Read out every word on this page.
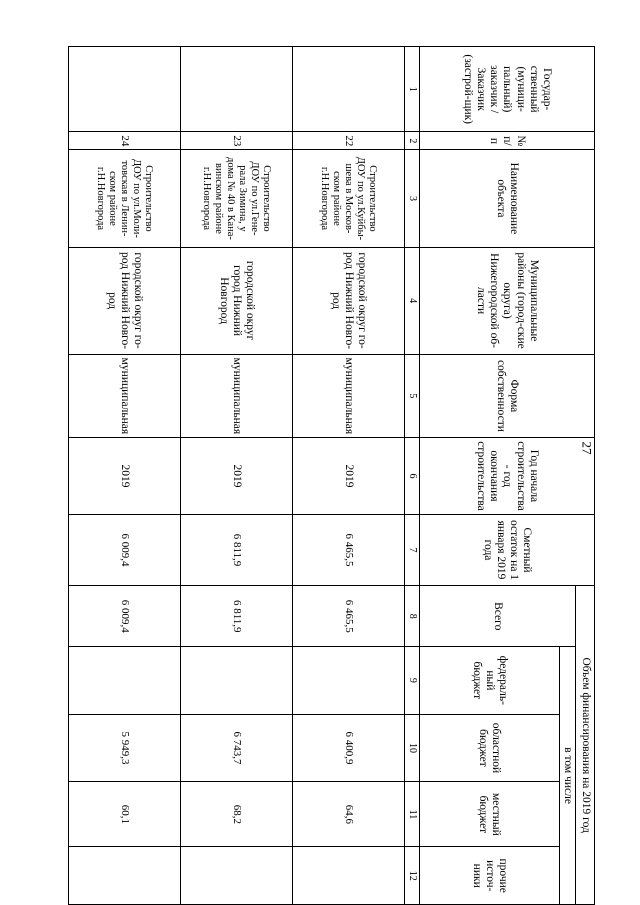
27
Государ-ственный (муници-пальный) заказчик / Заказчик (застрой-щик)	№ п/п	Наименование объекта	Муниципальные районы (город-ские округа) Нижегородской об-ласти	Форма собственности	Год начала строительства - год окончания строительства	Сметный остаток на 1 января 2019 года	Объем финансирования на 2019 год				
							Всего	в том числе			
								федераль-ный бюджет	областной бюджет	местный бюджет	прочие источ-ники
1	2	3	4	5	6	7	8	9	10	11	12
	22	Строительство ДОУ по ул.Куйбы-шева в Москов-ском районе г.Н.Новгорода	городской округ го-род Нижний Новго-род	муниципальная	2019	6 465,5	6 465,5		6 400,9	64,6	
	23	Строительство ДОУ по ул.Гене-рала Зимина, у дома № 40 в Кана-винском районе г.Н.Новгорода	городской округ город Нижний Новгород	муниципальная	2019	6 811,9	6 811,9		6 743,7	68,2	
	24	Строительство ДОУ по ул.Моли-товская в Ленин-ском районе г.Н.Новгорода	городской округ го-род Нижний Новго-род	муниципальная	2019	6 009,4	6 009,4		5 949,3	60,1	
